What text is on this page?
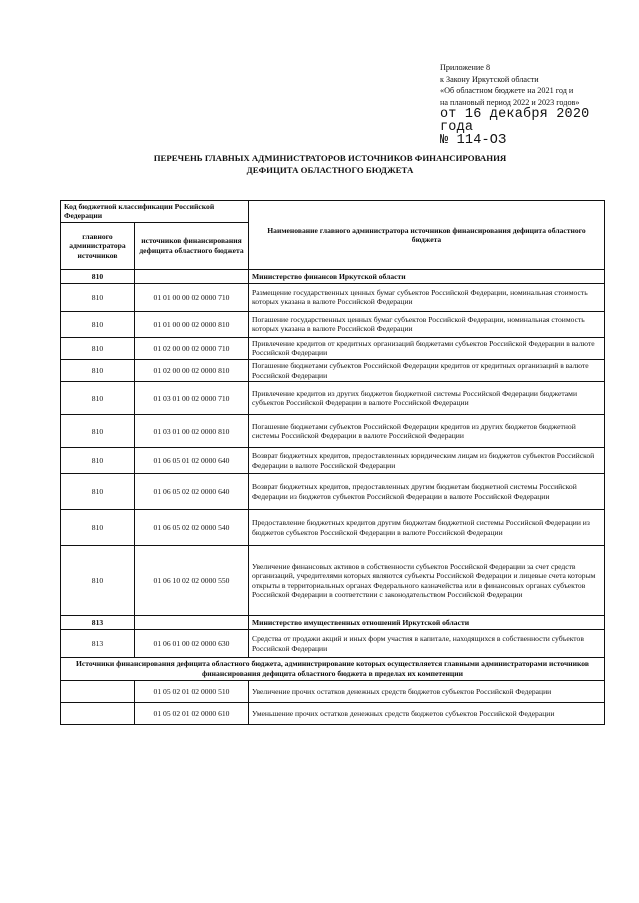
Приложение 8
к Закону Иркутской области
«Об областном бюджете на 2021 год и
на плановый период 2022 и 2023 годов»
от 16 декабря 2020 года
№ 114-ОЗ
ПЕРЕЧЕНЬ ГЛАВНЫХ АДМИНИСТРАТОРОВ ИСТОЧНИКОВ ФИНАНСИРОВАНИЯ
ДЕФИЦИТА ОБЛАСТНОГО БЮДЖЕТА
Код бюджетной классификации Российской Федерации		Наименование главного администратора источников финансирования дефицита областного бюджета
главного администратора источников	источников финансирования дефицита областного бюджета	
810		Министерство финансов Иркутской области
810	01 01 00 00 02 0000 710	Размещение государственных ценных бумаг субъектов Российской Федерации, номинальная стоимость которых указана в валюте Российской Федерации
810	01 01 00 00 02 0000 810	Погашение государственных ценных бумаг субъектов Российской Федерации, номинальная стоимость которых указана в валюте Российской Федерации
810	01 02 00 00 02 0000 710	Привлечение кредитов от кредитных организаций бюджетами субъектов Российской Федерации в валюте Российской Федерации
810	01 02 00 00 02 0000 810	Погашение бюджетами субъектов Российской Федерации кредитов от кредитных организаций в валюте Российской Федерации
810	01 03 01 00 02 0000 710	Привлечение кредитов из других бюджетов бюджетной системы Российской Федерации бюджетами субъектов Российской Федерации в валюте Российской Федерации
810	01 03 01 00 02 0000 810	Погашение бюджетами субъектов Российской Федерации кредитов из других бюджетов бюджетной системы Российской Федерации в валюте Российской Федерации
810	01 06 05 01 02 0000 640	Возврат бюджетных кредитов, предоставленных юридическим лицам из бюджетов субъектов Российской Федерации в валюте Российской Федерации
810	01 06 05 02 02 0000 640	Возврат бюджетных кредитов, предоставленных другим бюджетам бюджетной системы Российской Федерации из бюджетов субъектов Российской Федерации в валюте Российской Федерации
810	01 06 05 02 02 0000 540	Предоставление бюджетных кредитов другим бюджетам бюджетной системы Российской Федерации из бюджетов субъектов Российской Федерации в валюте Российской Федерации
810	01 06 10 02 02 0000 550	Увеличение финансовых активов в собственности субъектов Российской Федерации за счет средств организаций, учредителями которых являются субъекты Российской Федерации и лицевые счета которым открыты в территориальных органах Федерального казначейства или в финансовых органах субъектов Российской Федерации в соответствии с законодательством Российской Федерации
813		Министерство имущественных отношений Иркутской области
813	01 06 01 00 02 0000 630	Средства от продажи акций и иных форм участия в капитале, находящихся в собственности субъектов Российской Федерации
Источники финансирования дефицита областного бюджета, администрирование которых осуществляется главными администраторами источников финансирования дефицита областного бюджета в пределах их компетенции		
	01 05 02 01 02 0000 510	Увеличение прочих остатков денежных средств бюджетов субъектов Российской Федерации
	01 05 02 01 02 0000 610	Уменьшение прочих остатков денежных средств бюджетов субъектов Российской Федерации
